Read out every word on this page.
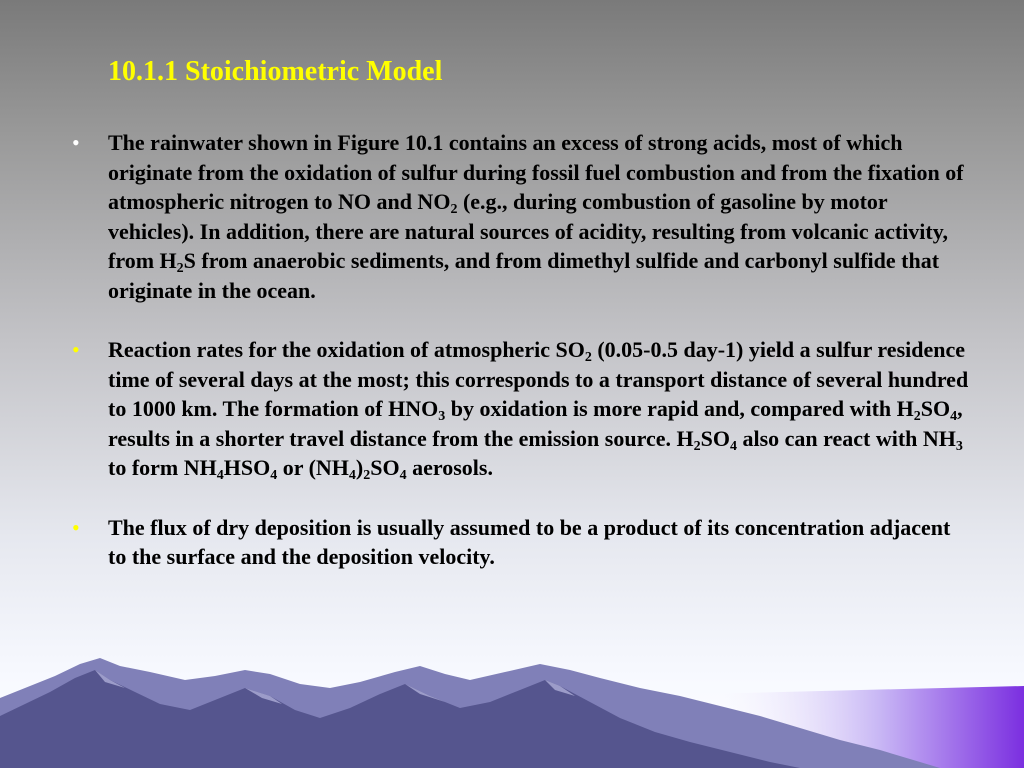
10.1.1 Stoichiometric Model
• The rainwater shown in Figure 10.1 contains an excess of strong acids, most of which originate from the oxidation of sulfur during fossil fuel combustion and from the fixation of atmospheric nitrogen to NO and $NO_2$ (e.g., during combustion of gasoline by motor vehicles). In addition, there are natural sources of acidity, resulting from volcanic activity, from $H_2S$ from anaerobic sediments, and from dimethyl sulfide and carbonyl sulfide that originate in the ocean.
• Reaction rates for the oxidation of atmospheric $SO_2$ (0.05-0.5 day-1) yield a sulfur residence time of several days at the most; this corresponds to a transport distance of several hundred to 1000 km. The formation of $HNO_3$ by oxidation is more rapid and, compared with $H_2SO_4$, results in a shorter travel distance from the emission source. $H_2SO_4$ also can react with $NH_3$ to form $NH_4HSO_4$ or $(NH_4)_2SO_4$ aerosols.
• The flux of dry deposition is usually assumed to be a product of its concentration adjacent to the surface and the deposition velocity.
